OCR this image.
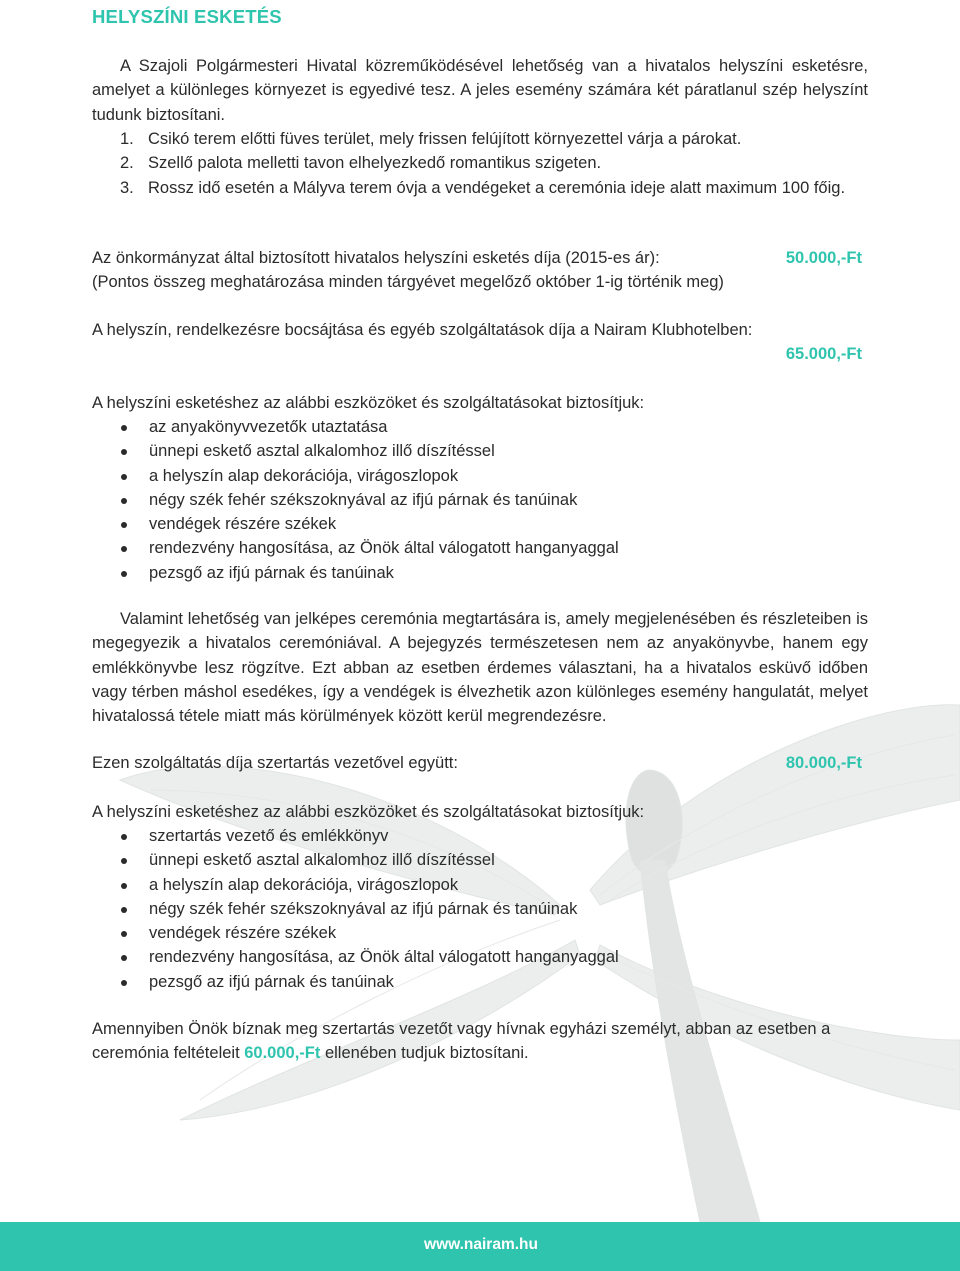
HELYSZÍNI ESKETÉS

A Szajoli Polgármesteri Hivatal közreműködésével lehetőség van a hivatalos helyszíni esketésre, amelyet a különleges környezet is egyedivé tesz. A jeles esemény számára két páratlanul szép helyszínt tudunk biztosítani.

1. Csikó terem előtti füves terület, mely frissen felújított környezettel várja a párokat.
2. Szellő palota melletti tavon elhelyezkedő romantikus szigeten.
3. Rossz idő esetén a Mályva terem óvja a vendégeket a ceremónia ideje alatt maximum 100 főig.
Az önkormányzat által biztosított hivatalos helyszíni esketés díja (2015-es ár):	50.000,-Ft

(Pontos összeg meghatározása minden tárgyévet megelőző október 1-ig történik meg)

A helyszín, rendelkezésre bocsájtása és egyéb szolgáltatások díja a Nairam Klubhotelben:

65.000,-Ft

A helyszíni esketéshez az alábbi eszközöket és szolgáltatásokat biztosítjuk:

az anyakönyvvezetők utaztatása
ünnepi eskető asztal alkalomhoz illő díszítéssel
a helyszín alap dekorációja, virágoszlopok
négy szék fehér székszoknyával az ifjú párnak és tanúinak
vendégek részére székek
rendezvény hangosítása, az Önök által válogatott hanganyaggal
pezsgő az ifjú párnak és tanúinak

Valamint lehetőség van jelképes ceremónia megtartására is, amely megjelenésében és részleteiben is megegyezik a hivatalos ceremóniával. A bejegyzés természetesen nem az anyakönyvbe, hanem egy emlékkönyvbe lesz rögzítve. Ezt abban az esetben érdemes választani, ha a hivatalos esküvő időben vagy térben máshol esedékes, így a vendégek is élvezhetik azon különleges esemény hangulatát, melyet hivatalossá tétele miatt más körülmények között kerül megrendezésre.

Ezen szolgáltatás díja szertartás vezetővel együtt:	80.000,-Ft

A helyszíni esketéshez az alábbi eszközöket és szolgáltatásokat biztosítjuk:

szertartás vezető és emlékkönyv
ünnepi eskető asztal alkalomhoz illő díszítéssel
a helyszín alap dekorációja, virágoszlopok
négy szék fehér székszoknyával az ifjú párnak és tanúinak
vendégek részére székek
rendezvény hangosítása, az Önök által válogatott hanganyaggal
pezsgő az ifjú párnak és tanúinak

Amennyiben Önök bíznak meg szertartás vezetőt vagy hívnak egyházi személyt, abban az esetben a ceremónia feltételeit 60.000,-Ft ellenében tudjuk biztosítani.

www.nairam.hu
